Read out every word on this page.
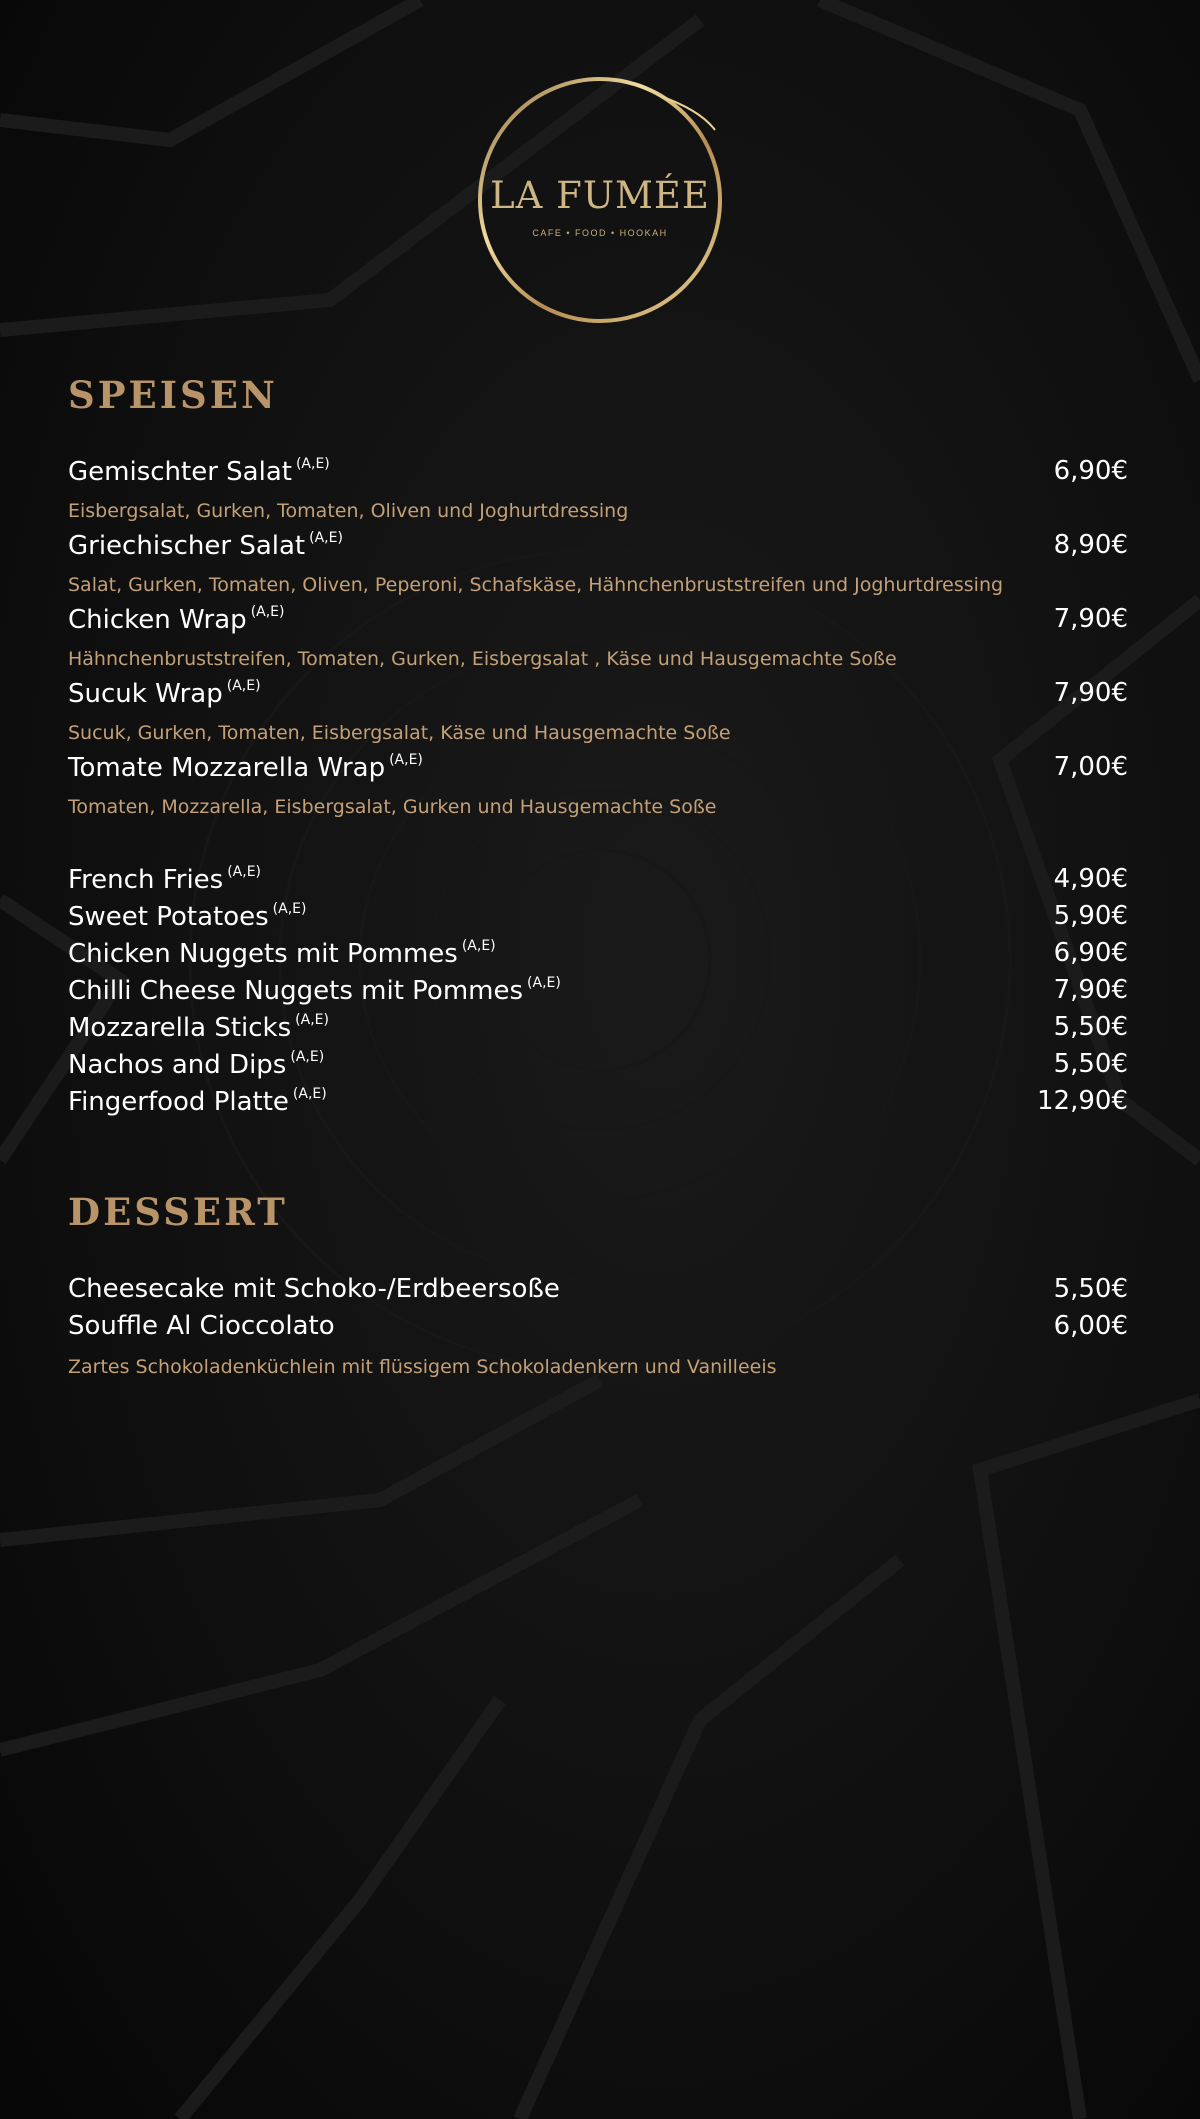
LA FUMÉE
CAFE • FOOD • HOOKAH
SPEISEN
Gemischter Salat $^{(A,E)}$	6,90€
Eisbergsalat, Gurken, Tomaten, Oliven und Joghurtdressing
Griechischer Salat $^{(A,E)}$	8,90€
Salat, Gurken, Tomaten, Oliven, Peperoni, Schafskäse, Hähnchenbruststreifen und Joghurtdressing
Chicken Wrap $^{(A,E)}$	7,90€
Hähnchenbruststreifen, Tomaten, Gurken, Eisbergsalat , Käse und Hausgemachte Soße
Sucuk Wrap $^{(A,E)}$	7,90€
Sucuk, Gurken, Tomaten, Eisbergsalat, Käse und Hausgemachte Soße
Tomate Mozzarella Wrap $^{(A,E)}$	7,00€
Tomaten, Mozzarella, Eisbergsalat, Gurken und Hausgemachte Soße
French Fries $^{(A,E)}$	4,90€
Sweet Potatoes $^{(A,E)}$	5,90€
Chicken Nuggets mit Pommes $^{(A,E)}$	6,90€
Chilli Cheese Nuggets mit Pommes $^{(A,E)}$	7,90€
Mozzarella Sticks $^{(A,E)}$	5,50€
Nachos and Dips $^{(A,E)}$	5,50€
Fingerfood Platte $^{(A,E)}$	12,90€
DESSERT
Cheesecake mit Schoko-/Erdbeersoße	5,50€
Souffle Al Cioccolato	6,00€
Zartes Schokoladenküchlein mit flüssigem Schokoladenkern und Vanilleeis
